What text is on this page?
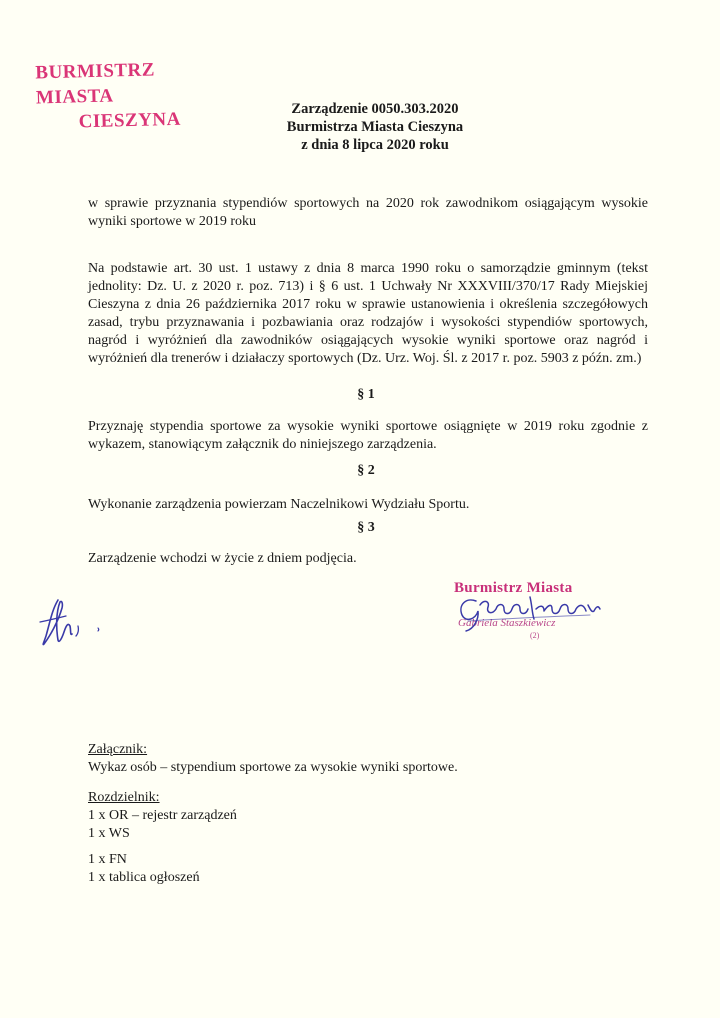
BURMISTRZ MIASTA
CIESZYNA	Zarządzenie 0050.303.2020
Burmistrza Miasta Cieszyna
z dnia 8 lipca 2020 roku
w sprawie przyznania stypendiów sportowych na 2020 rok zawodnikom osiągającym wysokie wyniki sportowe w 2019 roku
Na podstawie art. 30 ust. 1 ustawy z dnia 8 marca 1990 roku o samorządzie gminnym (tekst jednolity: Dz. U. z 2020 r. poz. 713) i § 6 ust. 1 Uchwały Nr XXXVIII/370/17 Rady Miejskiej Cieszyna z dnia 26 października 2017 roku w sprawie ustanowienia i określenia szczegółowych zasad, trybu przyznawania i pozbawiania oraz rodzajów i wysokości stypendiów sportowych, nagród i wyróżnień dla zawodników osiągających wysokie wyniki sportowe oraz nagród i wyróżnień dla trenerów i działaczy sportowych (Dz. Urz. Woj. Śl. z 2017 r. poz. 5903 z późn. zm.)
§ 1
Przyznaję stypendia sportowe za wysokie wyniki sportowe osiągnięte w 2019 roku zgodnie z wykazem, stanowiącym załącznik do niniejszego zarządzenia.
§ 2
Wykonanie zarządzenia powierzam Naczelnikowi Wydziału Sportu.
§ 3
Zarządzenie wchodzi w życie z dniem podjęcia.
Burmistrz Miasta
Gabriela Staszkiewicz
(2)
Załącznik:
Wykaz osób – stypendium sportowe za wysokie wyniki sportowe.
Rozdzielnik:
1 x OR – rejestr zarządzeń
1 x WS
1 x FN
1 x tablica ogłoszeń
